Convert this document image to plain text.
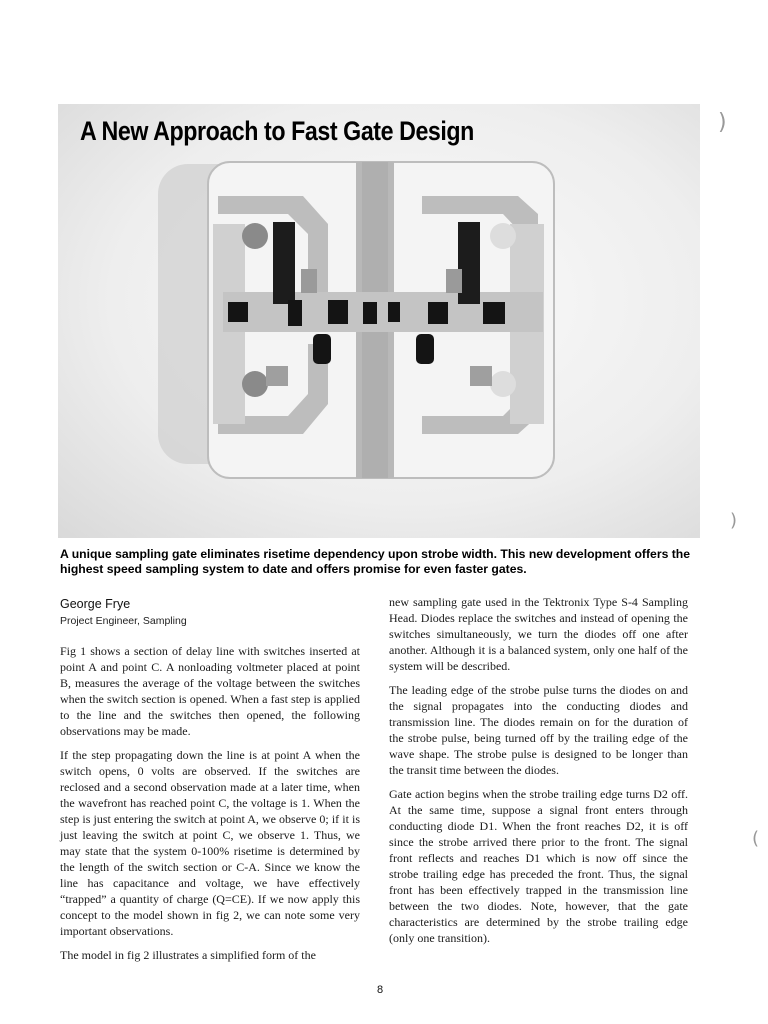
A New Approach to Fast Gate Design

A unique sampling gate eliminates risetime dependency upon strobe width. This new development offers the highest speed sampling system to date and offers promise for even faster gates.

George Frye
Project Engineer, Sampling

Fig 1 shows a section of delay line with switches inserted at point A and point C. A nonloading voltmeter placed at point B, measures the average of the voltage between the switches when the switch section is opened. When a fast step is applied to the line and the switches then opened, the following observations may be made.

If the step propagating down the line is at point A when the switch opens, 0 volts are observed. If the switches are reclosed and a second observation made at a later time, when the wavefront has reached point C, the voltage is 1. When the step is just entering the switch at point A, we observe 0; if it is just leaving the switch at point C, we observe 1. Thus, we may state that the system 0-100% risetime is determined by the length of the switch section or C-A. Since we know the line has capacitance and voltage, we have effectively “trapped” a quantity of charge (Q=CE). If we now apply this concept to the model shown in fig 2, we can note some very important observations.

The model in fig 2 illustrates a simplified form of the

new sampling gate used in the Tektronix Type S-4 Sampling Head. Diodes replace the switches and instead of opening the switches simultaneously, we turn the diodes off one after another. Although it is a balanced system, only one half of the system will be described.

The leading edge of the strobe pulse turns the diodes on and the signal propagates into the conducting diodes and transmission line. The diodes remain on for the duration of the strobe pulse, being turned off by the trailing edge of the wave shape. The strobe pulse is designed to be longer than the transit time between the diodes.

Gate action begins when the strobe trailing edge turns D2 off. At the same time, suppose a signal front enters through conducting diode D1. When the front reaches D2, it is off since the strobe arrived there prior to the front. The signal front reflects and reaches D1 which is now off since the strobe trailing edge has preceded the front. Thus, the signal front has been effectively trapped in the transmission line between the two diodes. Note, however, that the gate characteristics are determined by the strobe trailing edge (only one transition).

8
)
)
(
